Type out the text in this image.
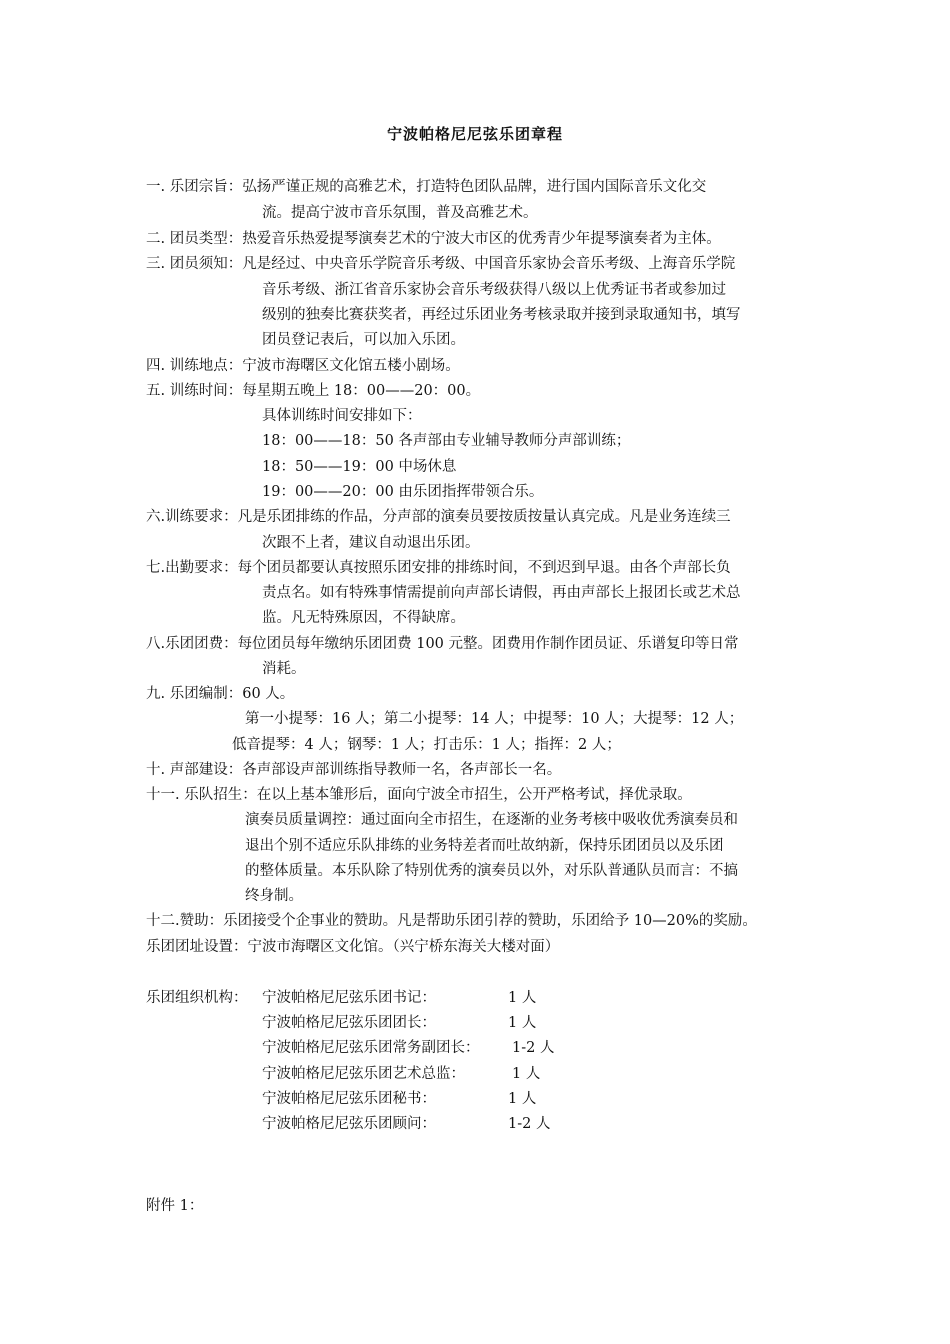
宁波帕格尼尼弦乐团章程
一. 乐团宗旨：弘扬严谨正规的高雅艺术，打造特色团队品牌，进行国内国际音乐文化交
流。提高宁波市音乐氛围，普及高雅艺术。
二. 团员类型：热爱音乐热爱提琴演奏艺术的宁波大市区的优秀青少年提琴演奏者为主体。
三. 团员须知：凡是经过、中央音乐学院音乐考级、中国音乐家协会音乐考级、上海音乐学院
音乐考级、浙江省音乐家协会音乐考级获得八级以上优秀证书者或参加过
级别的独奏比赛获奖者，再经过乐团业务考核录取并接到录取通知书，填写
团员登记表后，可以加入乐团。
四. 训练地点：宁波市海曙区文化馆五楼小剧场。
五. 训练时间：每星期五晚上 18：00——20：00。
具体训练时间安排如下：
18：00——18：50 各声部由专业辅导教师分声部训练；
18：50——19：00 中场休息
19：00——20：00 由乐团指挥带领合乐。
六.训练要求：凡是乐团排练的作品，分声部的演奏员要按质按量认真完成。凡是业务连续三
次跟不上者，建议自动退出乐团。
七.出勤要求：每个团员都要认真按照乐团安排的排练时间，不到迟到早退。由各个声部长负
责点名。如有特殊事情需提前向声部长请假，再由声部长上报团长或艺术总
监。凡无特殊原因，不得缺席。
八.乐团团费：每位团员每年缴纳乐团团费 100 元整。团费用作制作团员证、乐谱复印等日常
消耗。
九. 乐团编制：60 人。
第一小提琴：16 人；第二小提琴：14 人；中提琴：10 人；大提琴：12 人；
低音提琴：4 人；钢琴：1 人；打击乐：1 人；指挥：2 人；
十. 声部建设：各声部设声部训练指导教师一名，各声部长一名。
十一. 乐队招生：在以上基本雏形后，面向宁波全市招生，公开严格考试，择优录取。
演奏员质量调控：通过面向全市招生，在逐渐的业务考核中吸收优秀演奏员和
退出个别不适应乐队排练的业务特差者而吐故纳新，保持乐团团员以及乐团
的整体质量。本乐队除了特别优秀的演奏员以外，对乐队普通队员而言：不搞
终身制。
十二.赞助：乐团接受个企事业的赞助。凡是帮助乐团引荐的赞助，乐团给予 10—20%的奖励。
乐团团址设置：宁波市海曙区文化馆。（兴宁桥东海关大楼对面）
乐团组织机构： 宁波帕格尼尼弦乐团书记：	1 人
宁波帕格尼尼弦乐团团长：	1 人
宁波帕格尼尼弦乐团常务副团长： 1-2 人
宁波帕格尼尼弦乐团艺术总监：	1 人
宁波帕格尼尼弦乐团秘书：	1 人
宁波帕格尼尼弦乐团顾问：	1-2 人
附件 1：
